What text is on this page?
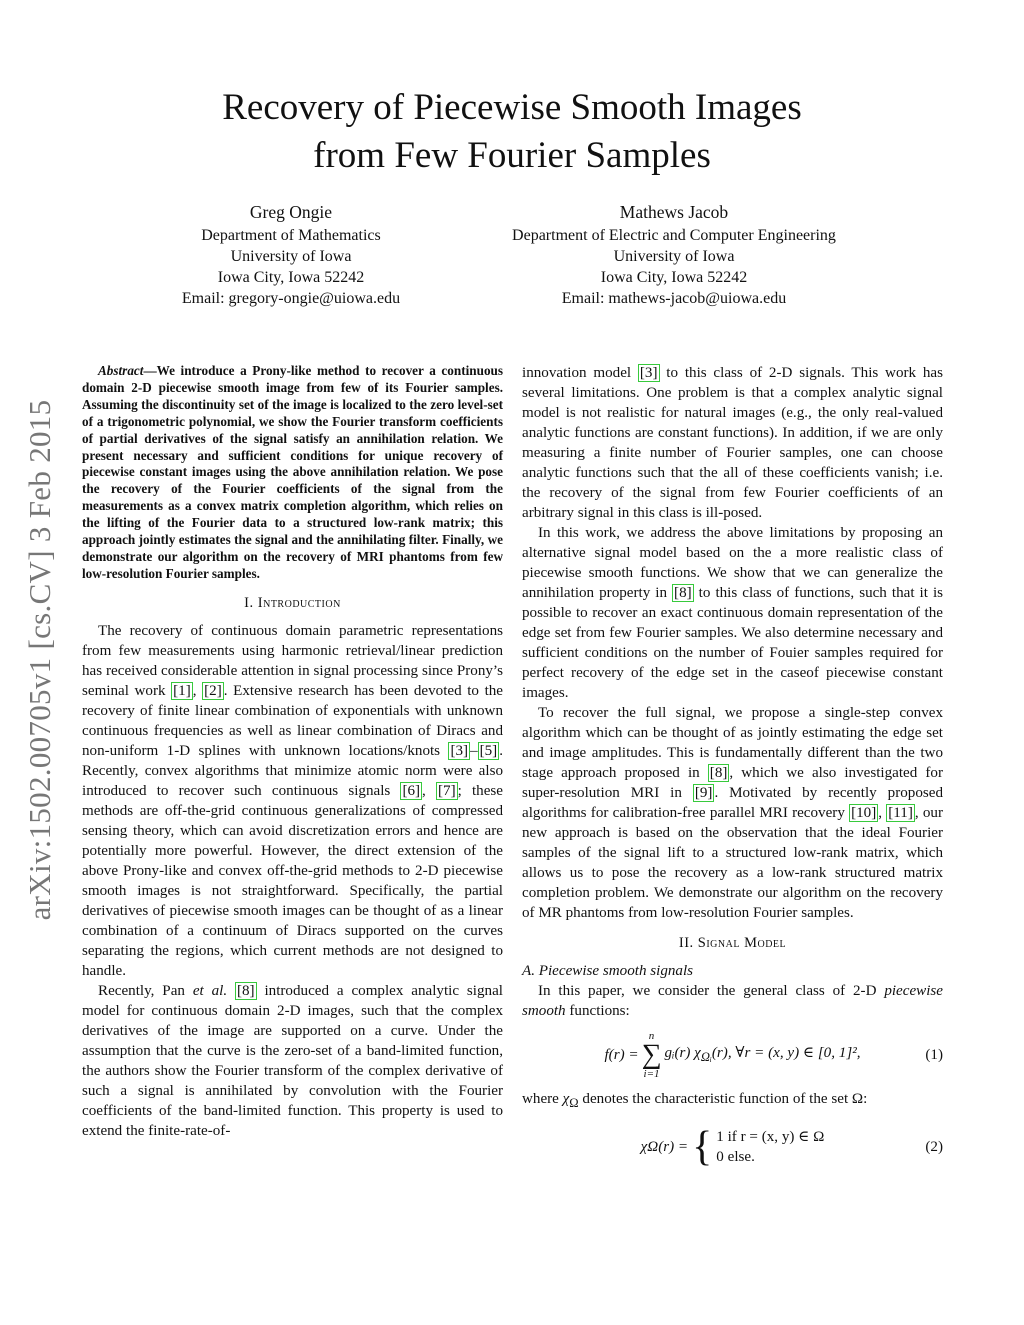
arXiv:1502.00705v1 [cs.CV] 3 Feb 2015
Recovery of Piecewise Smooth Images
from Few Fourier Samples
Greg Ongie
Department of Mathematics
University of Iowa
Iowa City, Iowa 52242
Email: gregory-ongie@uiowa.edu
Mathews Jacob
Department of Electric and Computer Engineering
University of Iowa
Iowa City, Iowa 52242
Email: mathews-jacob@uiowa.edu

Abstract—We introduce a Prony-like method to recover a continuous domain 2-D piecewise smooth image from few of its Fourier samples. Assuming the discontinuity set of the image is localized to the zero level-set of a trigonometric polynomial, we show the Fourier transform coefficients of partial derivatives of the signal satisfy an annihilation relation. We present necessary and sufficient conditions for unique recovery of piecewise constant images using the above annihilation relation. We pose the recovery of the Fourier coefficients of the signal from the measurements as a convex matrix completion algorithm, which relies on the lifting of the Fourier data to a structured low-rank matrix; this approach jointly estimates the signal and the annihilating filter. Finally, we demonstrate our algorithm on the recovery of MRI phantoms from few low-resolution Fourier samples.

I. Introduction

The recovery of continuous domain parametric representations from few measurements using harmonic retrieval/linear prediction has received considerable attention in signal processing since Prony’s seminal work [1] , [2] . Extensive research has been devoted to the recovery of finite linear combination of exponentials with unknown continuous frequencies as well as linear combination of Diracs and non-uniform 1-D splines with unknown locations/knots [3] – [5] . Recently, convex algorithms that minimize atomic norm were also introduced to recover such continuous signals [6] , [7] ; these methods are off-the-grid continuous generalizations of compressed sensing theory, which can avoid discretization errors and hence are potentially more powerful. However, the direct extension of the above Prony-like and convex off-the-grid methods to 2-D piecewise smooth images is not straightforward. Specifically, the partial derivatives of piecewise smooth images can be thought of as a linear combination of a continuum of Diracs supported on the curves separating the regions, which current methods are not designed to handle.

Recently, Pan et al. [8] introduced a complex analytic signal model for continuous domain 2-D images, such that the complex derivatives of the image are supported on a curve. Under the assumption that the curve is the zero-set of a band-limited function, the authors show the Fourier transform of the complex derivative of such a signal is annihilated by convolution with the Fourier coefficients of the band-limited function. This property is used to extend the finite-rate-of-

innovation model [3] to this class of 2-D signals. This work has several limitations. One problem is that a complex analytic signal model is not realistic for natural images (e.g., the only real-valued analytic functions are constant functions). In addition, if we are only measuring a finite number of Fourier samples, one can choose analytic functions such that the all of these coefficients vanish; i.e. the recovery of the signal from few Fourier coefficients of an arbitrary signal in this class is ill-posed.

In this work, we address the above limitations by proposing an alternative signal model based on the a more realistic class of piecewise smooth functions. We show that we can generalize the annihilation property in [8] to this class of functions, such that it is possible to recover an exact continuous domain representation of the edge set from few Fourier samples. We also determine necessary and sufficient conditions on the number of Fouier samples required for perfect recovery of the edge set in the caseof piecewise constant images.

To recover the full signal, we propose a single-step convex algorithm which can be thought of as jointly estimating the edge set and image amplitudes. This is fundamentally different than the two stage approach proposed in [8] , which we also investigated for super-resolution MRI in [9] . Motivated by recently proposed algorithms for calibration-free parallel MRI recovery [10] , [11] , our new approach is based on the observation that the ideal Fourier samples of the signal lift to a structured low-rank matrix, which allows us to pose the recovery as a low-rank structured matrix completion problem. We demonstrate our algorithm on the recovery of MR phantoms from low-resolution Fourier samples.

II. Signal Model

A. Piecewise smooth signals

In this paper, we consider the general class of 2-D piecewise smooth functions:

f(r) =
n
∑
i=1
gᵢ(r) $\chi_{\Omega ᵢ}(r)$, ∀r = (x, y) ∈ [0, 1]²,	(1)

where $\chi_\Omega$ denotes the characteristic function of the set Ω:

χΩ(r) = { 1 if r = (x, y) ∈ Ω
0 else.
(2)
